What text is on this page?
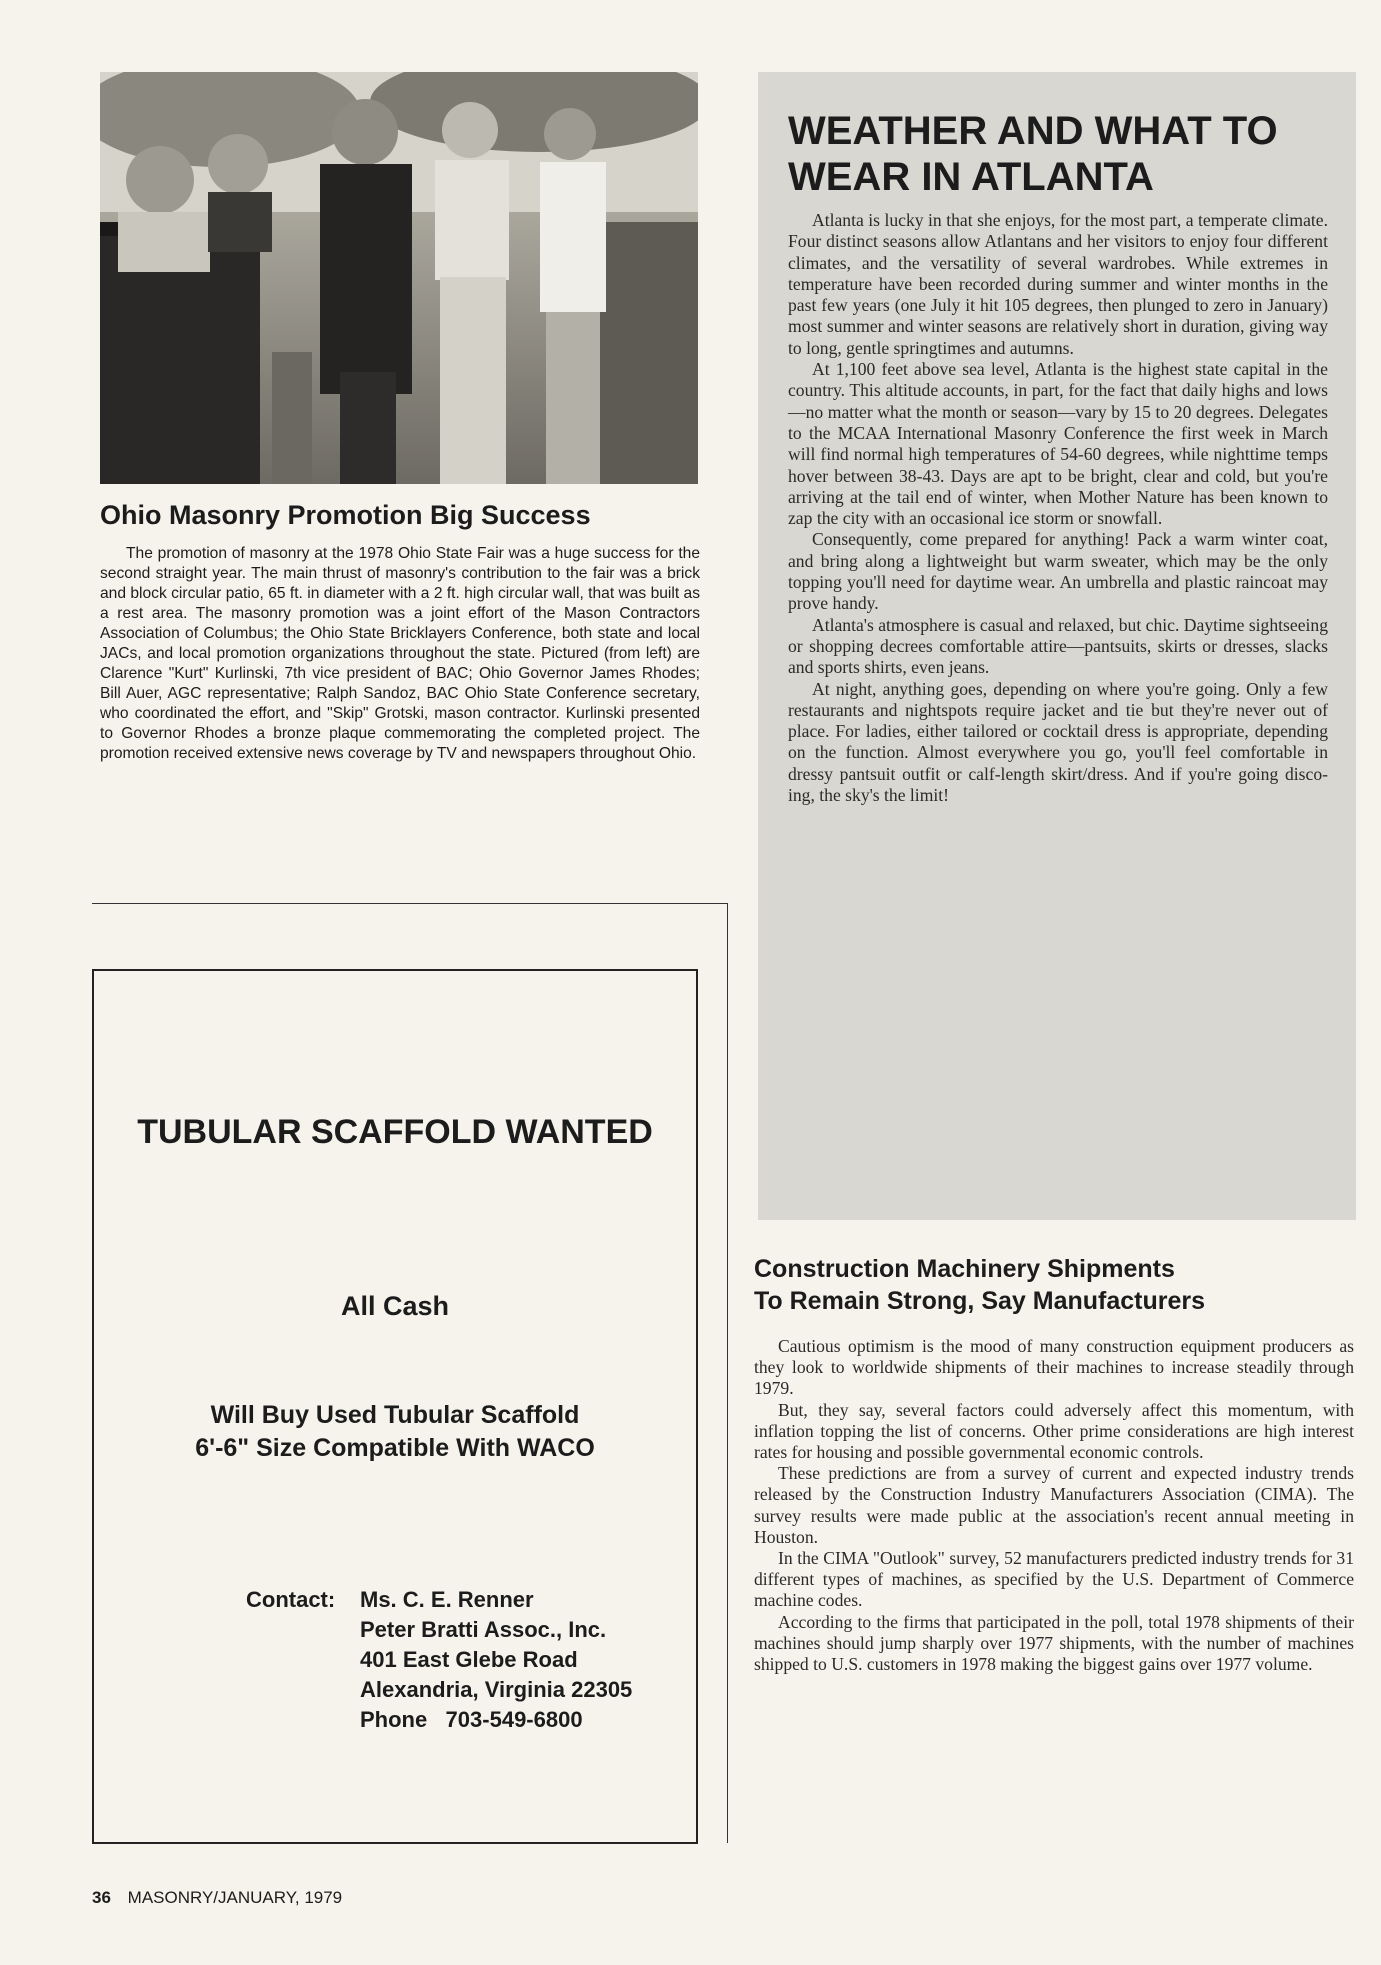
Ohio Masonry Promotion Big Success

The promotion of masonry at the 1978 Ohio State Fair was a huge success for the second straight year. The main thrust of masonry's contribution to the fair was a brick and block circular patio, 65 ft. in diameter with a 2 ft. high circular wall, that was built as a rest area. The masonry promotion was a joint effort of the Mason Contractors Association of Columbus; the Ohio State Bricklayers Conference, both state and local JACs, and local promotion organizations throughout the state. Pictured (from left) are Clarence "Kurt" Kurlinski, 7th vice president of BAC; Ohio Governor James Rhodes; Bill Auer, AGC representative; Ralph Sandoz, BAC Ohio State Conference secretary, who coordinated the effort, and "Skip" Grotski, mason contractor. Kurlinski presented to Governor Rhodes a bronze plaque commemorating the completed project. The promotion received extensive news coverage by TV and newspapers throughout Ohio.

TUBULAR SCAFFOLD WANTED
All Cash
Will Buy Used Tubular Scaffold
6'-6" Size Compatible With WACO
Contact:	Ms. C. E. Renner
Peter Bratti Assoc., Inc.
401 East Glebe Road
Alexandria, Virginia 22305
Phone   703-549-6800
WEATHER AND WHAT TO WEAR IN ATLANTA

Atlanta is lucky in that she enjoys, for the most part, a temperate climate. Four distinct seasons allow Atlantans and her visitors to enjoy four different climates, and the versatility of several wardrobes. While extremes in temperature have been recorded during summer and winter months in the past few years (one July it hit 105 degrees, then plunged to zero in January) most summer and winter seasons are relatively short in duration, giving way to long, gentle springtimes and autumns.

At 1,100 feet above sea level, Atlanta is the highest state capital in the country. This altitude accounts, in part, for the fact that daily highs and lows—no matter what the month or season—vary by 15 to 20 degrees. Delegates to the MCAA International Masonry Conference the first week in March will find normal high temperatures of 54-60 degrees, while nighttime temps hover between 38-43. Days are apt to be bright, clear and cold, but you're arriving at the tail end of winter, when Mother Nature has been known to zap the city with an occasional ice storm or snowfall.

Consequently, come prepared for anything! Pack a warm winter coat, and bring along a lightweight but warm sweater, which may be the only topping you'll need for daytime wear. An umbrella and plastic raincoat may prove handy.

Atlanta's atmosphere is casual and relaxed, but chic. Daytime sightseeing or shopping decrees comfortable attire—pantsuits, skirts or dresses, slacks and sports shirts, even jeans.

At night, anything goes, depending on where you're going. Only a few restaurants and nightspots require jacket and tie but they're never out of place. For ladies, either tailored or cocktail dress is appropriate, depending on the function. Almost everywhere you go, you'll feel comfortable in dressy pantsuit outfit or calf-length skirt/dress. And if you're going disco-ing, the sky's the limit!

Construction Machinery Shipments
To Remain Strong, Say Manufacturers

Cautious optimism is the mood of many construction equipment producers as they look to worldwide shipments of their machines to increase steadily through 1979.

But, they say, several factors could adversely affect this momentum, with inflation topping the list of concerns. Other prime considerations are high interest rates for housing and possible governmental economic controls.

These predictions are from a survey of current and expected industry trends released by the Construction Industry Manufacturers Association (CIMA). The survey results were made public at the association's recent annual meeting in Houston.

In the CIMA "Outlook" survey, 52 manufacturers predicted industry trends for 31 different types of machines, as specified by the U.S. Department of Commerce machine codes.

According to the firms that participated in the poll, total 1978 shipments of their machines should jump sharply over 1977 shipments, with the number of machines shipped to U.S. customers in 1978 making the biggest gains over 1977 volume.

36 MASONRY/JANUARY, 1979
